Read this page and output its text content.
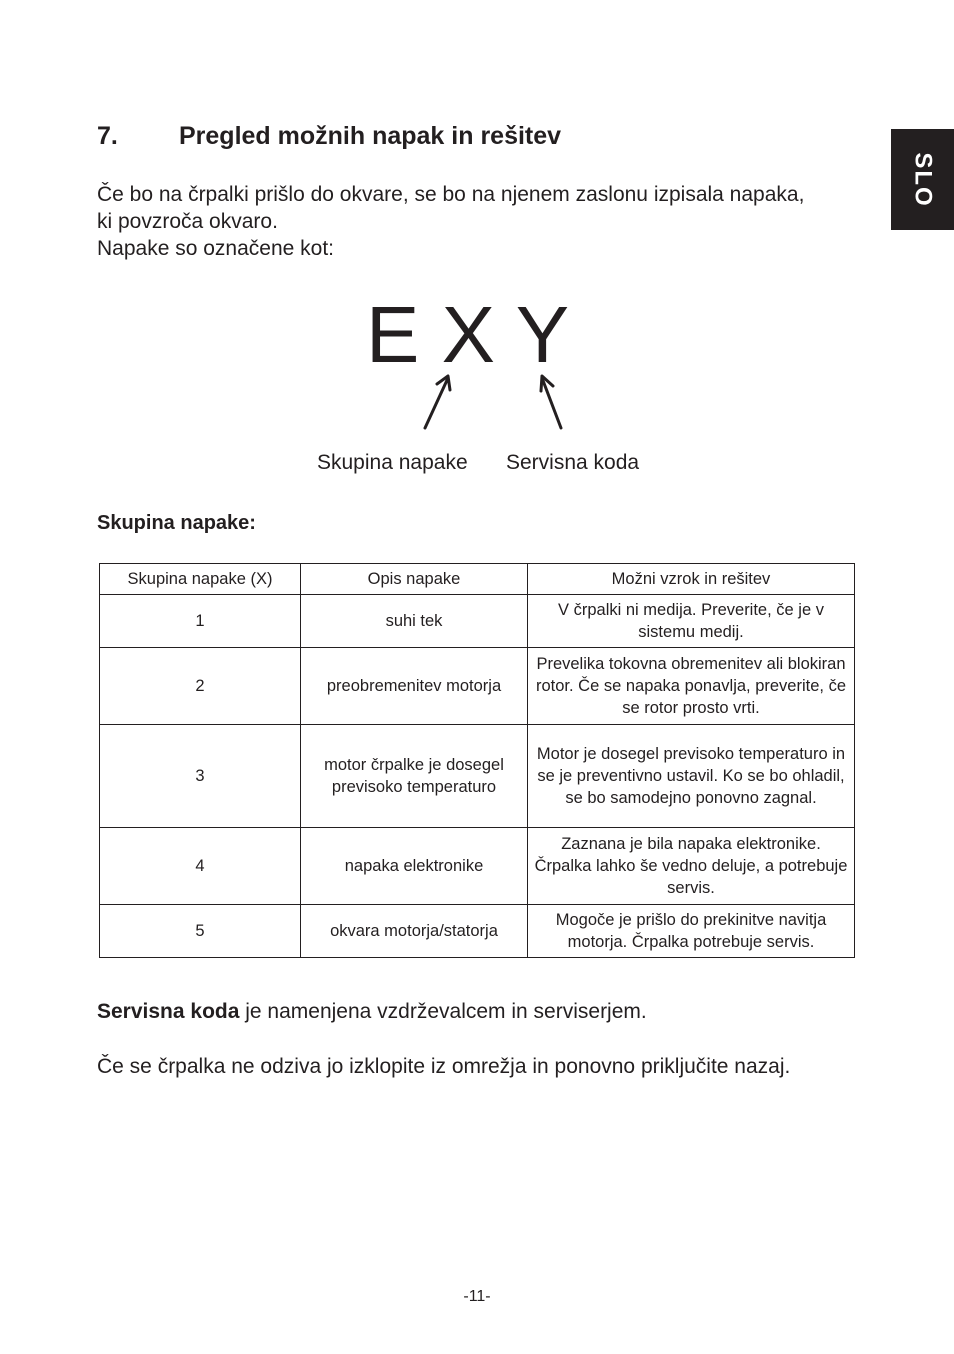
SLO
7. Pregled možnih napak in rešitev

Če bo na črpalki prišlo do okvare, se bo na njenem zaslonu izpisala napaka,

ki povzroča okvaro.

Napake so označene kot:

E X Y
Skupina napake Servisna koda
Skupina napake:
Skupina napake (X)	Opis napake	Možni vzrok in rešitev
1	suhi tek	V črpalki ni medija. Preverite, če je v sistemu medij.
2	preobremenitev motorja	Prevelika tokovna obremenitev ali blokiran rotor. Če se napaka ponavlja, preverite, če se rotor prosto vrti.
3	motor črpalke je dosegel previsoko temperaturo	Motor je dosegel previsoko temperaturo in se je preventivno ustavil. Ko se bo ohladil, se bo samodejno ponovno zagnal.
4	napaka elektronike	Zaznana je bila napaka elektronike. Črpalka lahko še vedno deluje, a potrebuje servis.
5	okvara motorja/statorja	Mogoče je prišlo do prekinitve navitja motorja. Črpalka potrebuje servis.

Servisna koda je namenjena vzdrževalcem in serviserjem.

Če se črpalka ne odziva jo izklopite iz omrežja in ponovno priključite nazaj.

-11-
